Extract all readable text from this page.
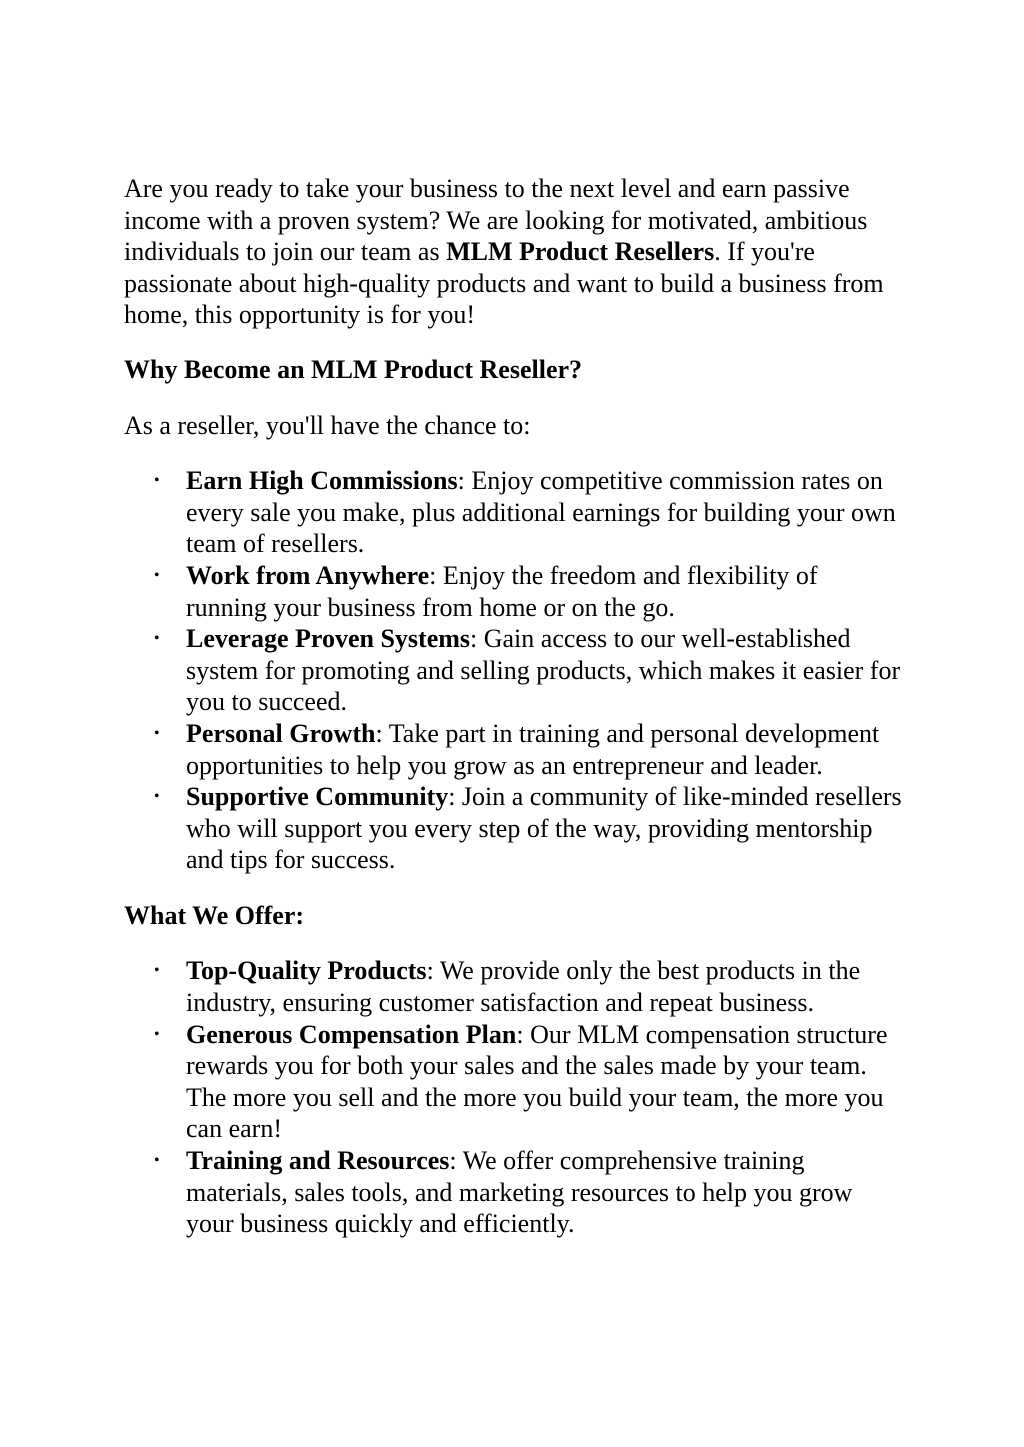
Are you ready to take your business to the next level and earn passive income with a proven system? We are looking for motivated, ambitious individuals to join our team as MLM Product Resellers. If you're passionate about high-quality products and want to build a business from home, this opportunity is for you!

Why Become an MLM Product Reseller?

As a reseller, you'll have the chance to:

• Earn High Commissions: Enjoy competitive commission rates on every sale you make, plus additional earnings for building your own team of resellers.
• Work from Anywhere: Enjoy the freedom and flexibility of running your business from home or on the go.
• Leverage Proven Systems: Gain access to our well-established system for promoting and selling products, which makes it easier for you to succeed.
• Personal Growth: Take part in training and personal development opportunities to help you grow as an entrepreneur and leader.
• Supportive Community: Join a community of like-minded resellers who will support you every step of the way, providing mentorship and tips for success.

What We Offer:

• Top-Quality Products: We provide only the best products in the industry, ensuring customer satisfaction and repeat business.
• Generous Compensation Plan: Our MLM compensation structure rewards you for both your sales and the sales made by your team. The more you sell and the more you build your team, the more you can earn!
• Training and Resources: We offer comprehensive training materials, sales tools, and marketing resources to help you grow your business quickly and efficiently.
